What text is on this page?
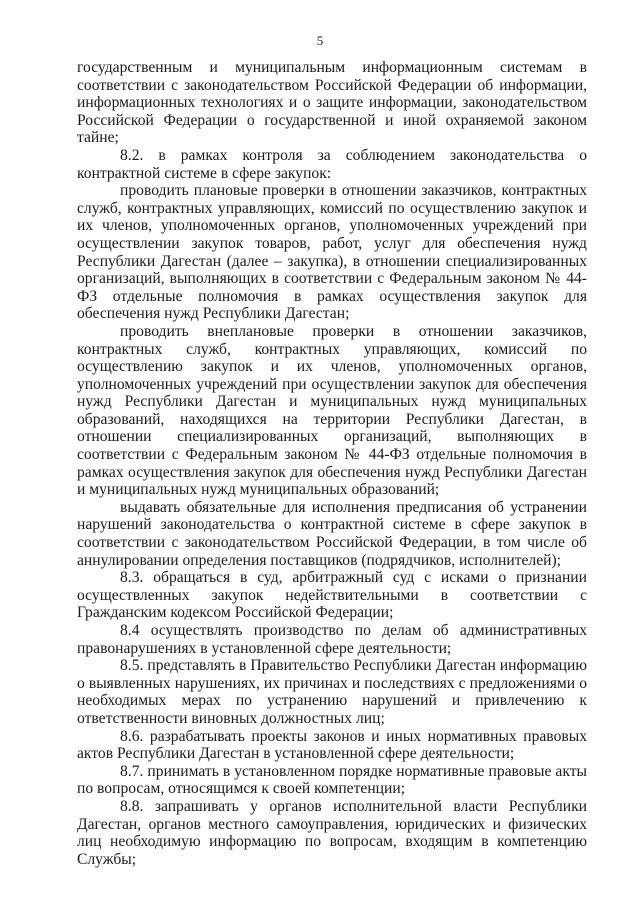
5

государственным и муниципальным информационным системам в соответствии с законодательством Российской Федерации об информации, информационных технологиях и о защите информации, законодательством Российской Федерации о государственной и иной охраняемой законом тайне;

8.2. в рамках контроля за соблюдением законодательства о контрактной системе в сфере закупок:

проводить плановые проверки в отношении заказчиков, контрактных служб, контрактных управляющих, комиссий по осуществлению закупок и их членов, уполномоченных органов, уполномоченных учреждений при осуществлении закупок товаров, работ, услуг для обеспечения нужд Республики Дагестан (далее – закупка), в отношении специализированных организаций, выполняющих в соответствии с Федеральным законом № 44-ФЗ отдельные полномочия в рамках осуществления закупок для обеспечения нужд Республики Дагестан;

проводить внеплановые проверки в отношении заказчиков, контрактных служб, контрактных управляющих, комиссий по осуществлению закупок и их членов, уполномоченных органов, уполномоченных учреждений при осуществлении закупок для обеспечения нужд Республики Дагестан и муниципальных нужд муниципальных образований, находящихся на территории Республики Дагестан, в отношении специализированных организаций, выполняющих в соответствии с Федеральным законом № 44-ФЗ отдельные полномочия в рамках осуществления закупок для обеспечения нужд Республики Дагестан и муниципальных нужд муниципальных образований;

выдавать обязательные для исполнения предписания об устранении нарушений законодательства о контрактной системе в сфере закупок в соответствии с законодательством Российской Федерации, в том числе об аннулировании определения поставщиков (подрядчиков, исполнителей);

8.3. обращаться в суд, арбитражный суд с исками о признании осуществленных закупок недействительными в соответствии с Гражданским кодексом Российской Федерации;

8.4 осуществлять производство по делам об административных правонарушениях в установленной сфере деятельности;

8.5. представлять в Правительство Республики Дагестан информацию о выявленных нарушениях, их причинах и последствиях с предложениями о необходимых мерах по устранению нарушений и привлечению к ответственности виновных должностных лиц;

8.6. разрабатывать проекты законов и иных нормативных правовых актов Республики Дагестан в установленной сфере деятельности;

8.7. принимать в установленном порядке нормативные правовые акты по вопросам, относящимся к своей компетенции;

8.8. запрашивать у органов исполнительной власти Республики Дагестан, органов местного самоуправления, юридических и физических лиц необходимую информацию по вопросам, входящим в компетенцию Службы;
